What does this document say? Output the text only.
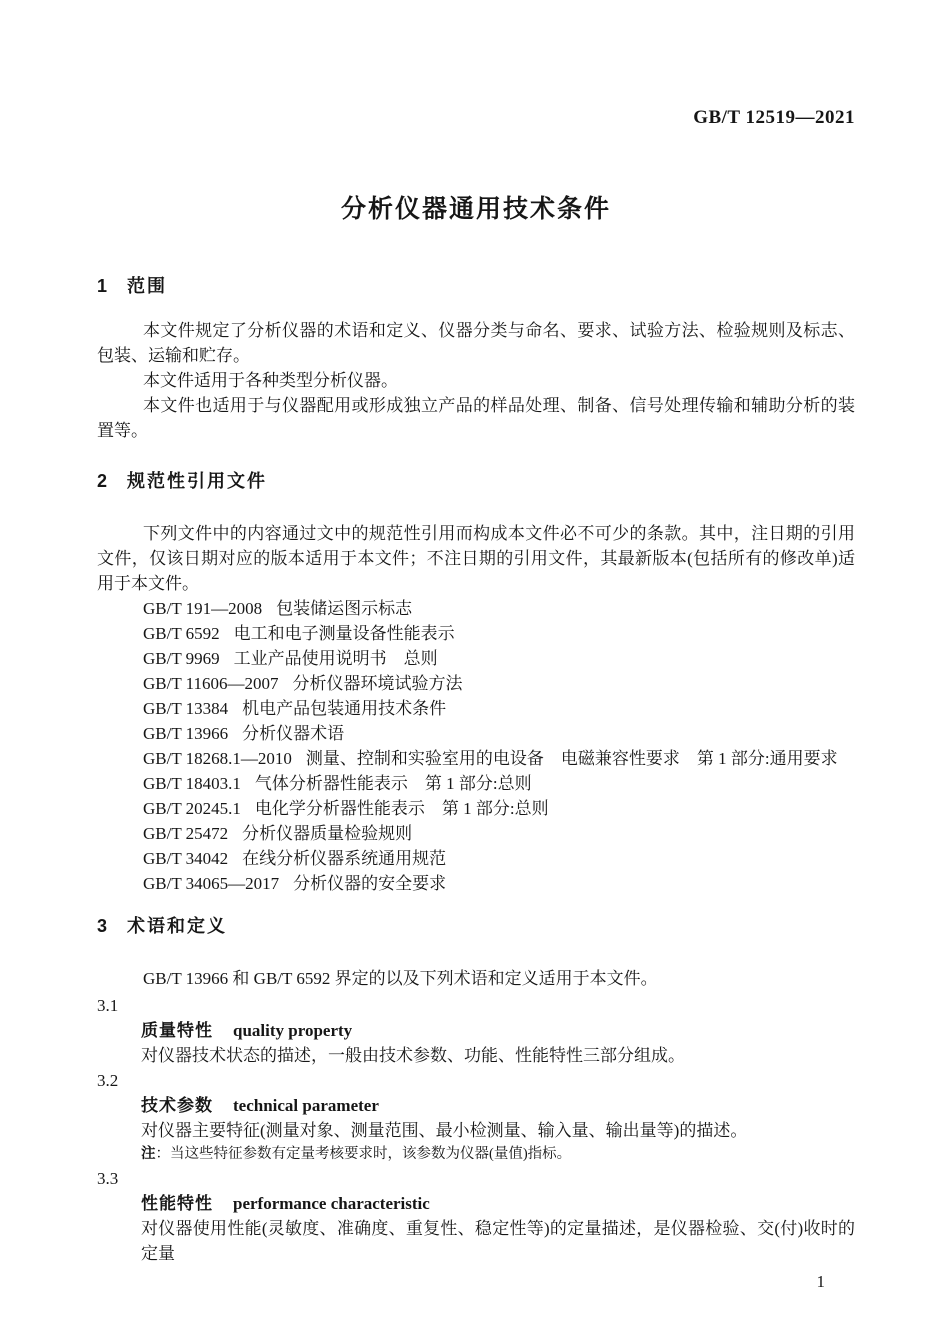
GB/T 12519—2021
分析仪器通用技术条件
1 范围

本文件规定了分析仪器的术语和定义、仪器分类与命名、要求、试验方法、检验规则及标志、包装、运输和贮存。

本文件适用于各种类型分析仪器。

本文件也适用于与仪器配用或形成独立产品的样品处理、制备、信号处理传输和辅助分析的装置等。

2 规范性引用文件

下列文件中的内容通过文中的规范性引用而构成本文件必不可少的条款。其中，注日期的引用文件，仅该日期对应的版本适用于本文件；不注日期的引用文件，其最新版本(包括所有的修改单)适用于本文件。

GB/T 191—2008 包装储运图示标志
GB/T 6592 电工和电子测量设备性能表示
GB/T 9969 工业产品使用说明书　总则
GB/T 11606—2007 分析仪器环境试验方法
GB/T 13384 机电产品包装通用技术条件
GB/T 13966 分析仪器术语
GB/T 18268.1—2010 测量、控制和实验室用的电设备　电磁兼容性要求　第 1 部分:通用要求
GB/T 18403.1 气体分析器性能表示　第 1 部分:总则
GB/T 20245.1 电化学分析器性能表示　第 1 部分:总则
GB/T 25472 分析仪器质量检验规则
GB/T 34042 在线分析仪器系统通用规范
GB/T 34065—2017 分析仪器的安全要求
3 术语和定义

GB/T 13966 和 GB/T 6592 界定的以及下列术语和定义适用于本文件。

3.1
质量特性 quality property
对仪器技术状态的描述，一般由技术参数、功能、性能特性三部分组成。
3.2
技术参数 technical parameter
对仪器主要特征(测量对象、测量范围、最小检测量、输入量、输出量等)的描述。
注：当这些特征参数有定量考核要求时，该参数为仪器(量值)指标。
3.3
性能特性 performance characteristic
对仪器使用性能(灵敏度、准确度、重复性、稳定性等)的定量描述，是仪器检验、交(付)收时的定量
1
